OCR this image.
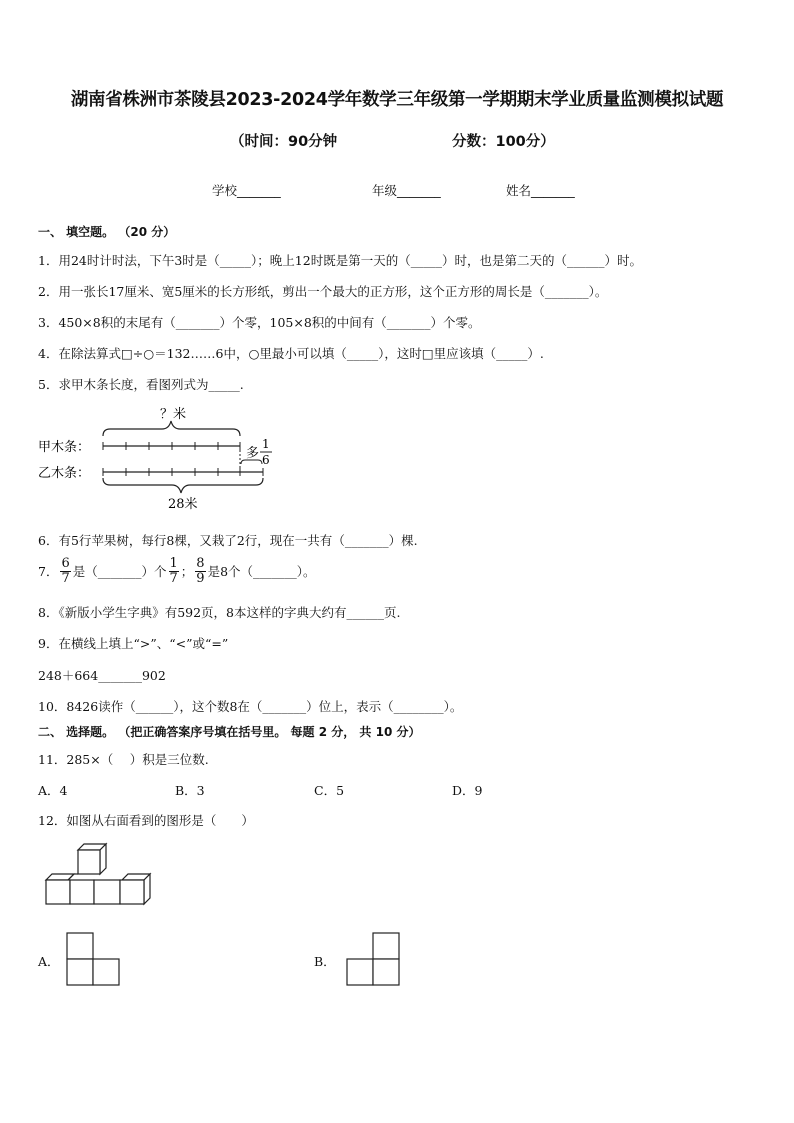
湖南省株洲市茶陵县2023-2024学年数学三年级第一学期期末学业质量监测模拟试题
（时间：90分钟	分数：100分）
学校_______	年级_______	姓名_______
一、 填空题。 （20 分）
1．用24时计时法，下午3时是（_____）；晚上12时既是第一天的（_____）时，也是第二天的（______）时。
2．用一张长17厘米、宽5厘米的长方形纸，剪出一个最大的正方形，这个正方形的周长是（_______）。
3．450×8积的末尾有（_______）个零，105×8积的中间有（_______）个零。
4．在除法算式□÷○＝132……6中，○里最小可以填（_____），这时□里应该填（_____）.
5．求甲木条长度，看图列式为_____.
？米
甲木条：
乙木条：
多
1
6
28米
6．有5行苹果树，每行8棵，又栽了2行，现在一共有（_______）棵.
7． $\frac{6}{7}$ 是（_______）个 $\frac{1}{7}$ ； $\frac{8}{9}$ 是8个（_______）。
8．《新版小学生字典》有592页，8本这样的字典大约有______页.
9．在横线上填上“>”、“<”或“=”
248＋664_______902
10．8426读作（______），这个数8在（_______）位上，表示（________）。
二、 选择题。 （把正确答案序号填在括号里。 每题 2 分， 共 10 分）
11．285×（　 ）积是三位数.
A．4	B．3	C．5	D．9
12．如图从右面看到的图形是（　　）
A．	B．
